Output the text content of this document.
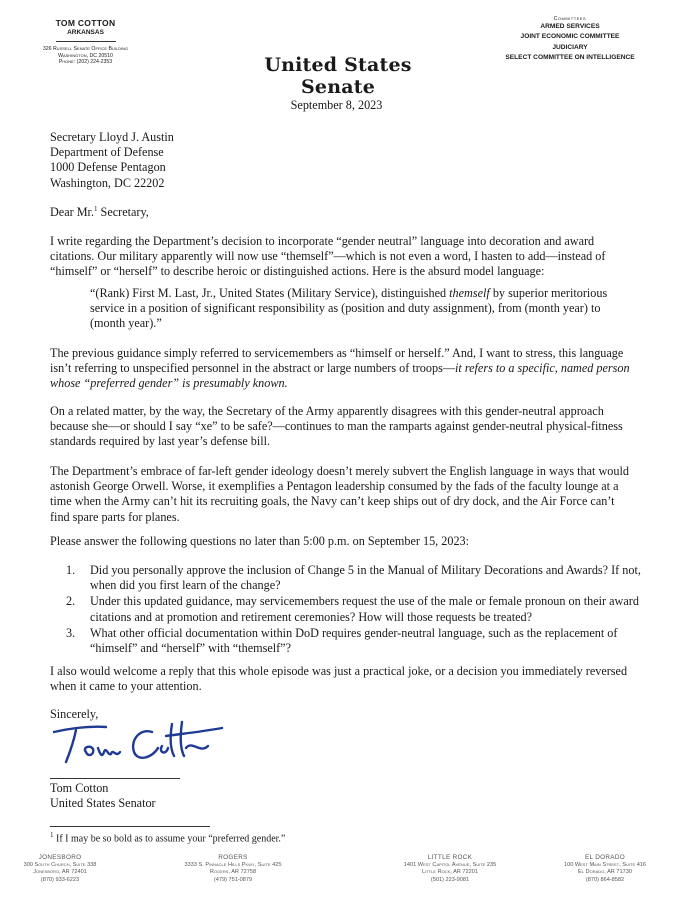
TOM COTTON
ARKANSAS
326 Russell Senate Office Building
Washington, DC 20510
Phone: (202) 224-2353	United States Senate
Committees
ARMED SERVICES
JOINT ECONOMIC COMMITTEE
JUDICIARY
SELECT COMMITTEE ON INTELLIGENCE
September 8, 2023
Secretary Lloyd J. Austin
Department of Defense
1000 Defense Pentagon
Washington, DC 22202
Dear Mr.$^1$ Secretary,
I write regarding the Department’s decision to incorporate “gender neutral” language into decoration and award citations. Our military apparently will now use “themself”—which is not even a word, I hasten to add—instead of “himself” or “herself” to describe heroic or distinguished actions. Here is the absurd model language:
“(Rank) First M. Last, Jr., United States (Military Service), distinguished themself by superior meritorious service in a position of significant responsibility as (position and duty assignment), from (month year) to (month year).”
The previous guidance simply referred to servicemembers as “himself or herself.” And, I want to stress, this language isn’t referring to unspecified personnel in the abstract or large numbers of troops—it refers to a specific, named person whose “preferred gender” is presumably known.
On a related matter, by the way, the Secretary of the Army apparently disagrees with this gender-neutral approach because she—or should I say “xe” to be safe?—continues to man the ramparts against gender-neutral physical-fitness standards required by last year’s defense bill.
The Department’s embrace of far-left gender ideology doesn’t merely subvert the English language in ways that would astonish George Orwell. Worse, it exemplifies a Pentagon leadership consumed by the fads of the faculty lounge at a time when the Army can’t hit its recruiting goals, the Navy can’t keep ships out of dry dock, and the Air Force can’t find spare parts for planes.
Please answer the following questions no later than 5:00 p.m. on September 15, 2023:
1. Did you personally approve the inclusion of Change 5 in the Manual of Military Decorations and Awards? If not, when did you first learn of the change?
2. Under this updated guidance, may servicemembers request the use of the male or female pronoun on their award citations and at promotion and retirement ceremonies? How will those requests be treated?
3. What other official documentation within DoD requires gender-neutral language, such as the replacement of “himself” and “herself” with “themself”?
I also would welcome a reply that this whole episode was just a practical joke, or a decision you immediately reversed when it came to your attention.
Sincerely,
Tom Cotton
United States Senator
$^1$ If I may be so bold as to assume your “preferred gender.”
JONESBORO
300 South Church, Suite 338
Jonesboro, AR 72401
(870) 933-6223
ROGERS
3333 S. Pinnacle Hills Pkwy, Suite 425
Rogers, AR 72758
(479) 751-0879
LITTLE ROCK
1401 West Capitol Avenue, Suite 235
Little Rock, AR 72201
(501) 223-9081
EL DORADO
100 West Main Street, Suite 416
El Dorado, AR 71730
(870) 864-8582
